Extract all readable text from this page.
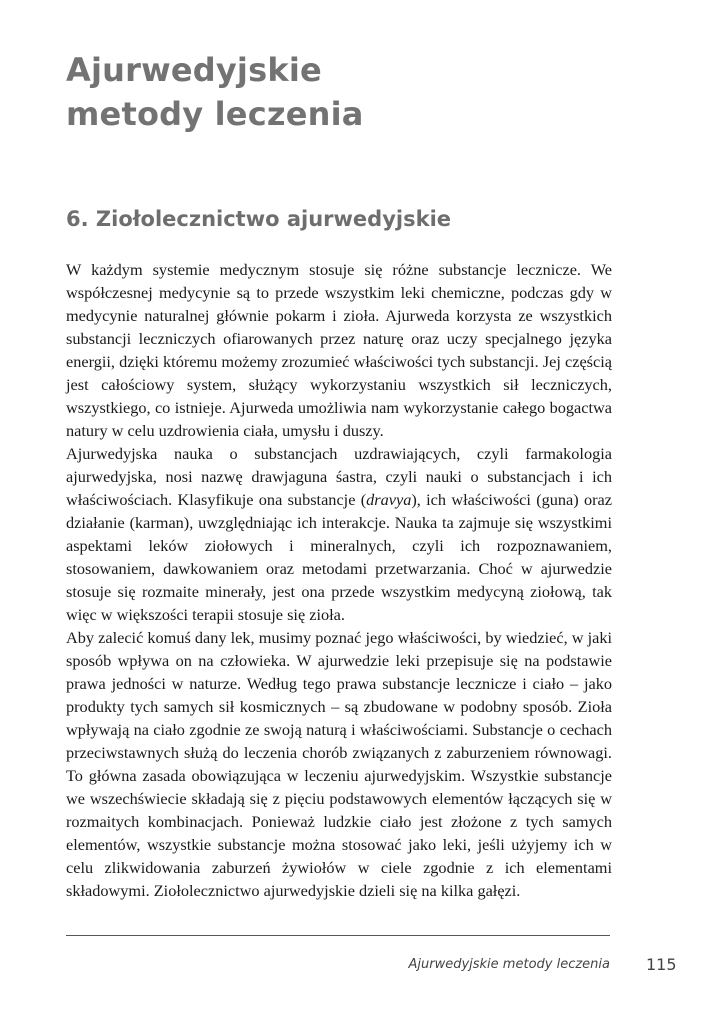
Ajurwedyjskie
metody leczenia
6. Ziołolecznictwo ajurwedyjskie

W każdym systemie medycznym stosuje się różne substancje lecznicze. We współczesnej medycynie są to przede wszystkim leki chemiczne, podczas gdy w medycynie naturalnej głównie pokarm i zioła. Ajurweda korzysta ze wszystkich substancji leczniczych ofiarowanych przez naturę oraz uczy specjalnego języka energii, dzięki któremu możemy zrozumieć właściwości tych substancji. Jej częścią jest całościowy system, służący wykorzystaniu wszystkich sił leczniczych, wszystkiego, co istnieje. Ajurweda umożliwia nam wykorzystanie całego bogactwa natury w celu uzdrowienia ciała, umysłu i duszy.

Ajurwedyjska nauka o substancjach uzdrawiających, czyli farmakologia ajurwedyjska, nosi nazwę drawjaguna śastra, czyli nauki o substancjach i ich właściwościach. Klasyfikuje ona substancje (dravya), ich właściwości (guna) oraz działanie (karman), uwzględniając ich interakcje. Nauka ta zajmuje się wszystkimi aspektami leków ziołowych i mineralnych, czyli ich rozpoznawaniem, stosowaniem, dawkowaniem oraz metodami przetwarzania. Choć w ajurwedzie stosuje się rozmaite minerały, jest ona przede wszystkim medycyną ziołową, tak więc w większości terapii stosuje się zioła.

Aby zalecić komuś dany lek, musimy poznać jego właściwości, by wiedzieć, w jaki sposób wpływa on na człowieka. W ajurwedzie leki przepisuje się na podstawie prawa jedności w naturze. Według tego prawa substancje lecznicze i ciało – jako produkty tych samych sił kosmicznych – są zbudowane w podobny sposób. Zioła wpływają na ciało zgodnie ze swoją naturą i właściwościami. Substancje o cechach przeciwstawnych służą do leczenia chorób związanych z zaburzeniem równowagi. To główna zasada obowiązująca w leczeniu ajurwedyjskim. Wszystkie substancje we wszechświecie składają się z pięciu podstawowych elementów łączących się w rozmaitych kombinacjach. Ponieważ ludzkie ciało jest złożone z tych samych elementów, wszystkie substancje można stosować jako leki, jeśli użyjemy ich w celu zlikwidowania zaburzeń żywiołów w ciele zgodnie z ich elementami składowymi. Ziołolecznictwo ajurwedyjskie dzieli się na kilka gałęzi.

Ajurwedyjskie metody leczenia 115
